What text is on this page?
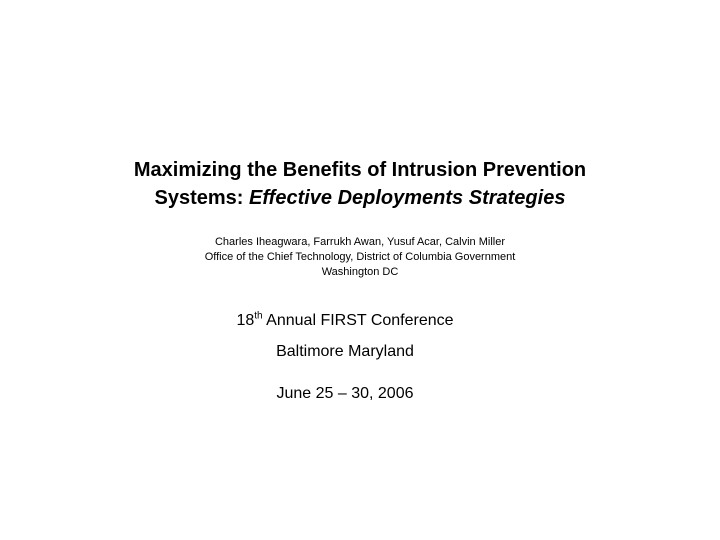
Maximizing the Benefits of Intrusion Prevention
Systems: Effective Deployments Strategies
Charles Iheagwara, Farrukh Awan, Yusuf Acar, Calvin Miller
Office of the Chief Technology, District of Columbia Government
Washington DC
18th Annual FIRST Conference
Baltimore Maryland
June 25 – 30, 2006
